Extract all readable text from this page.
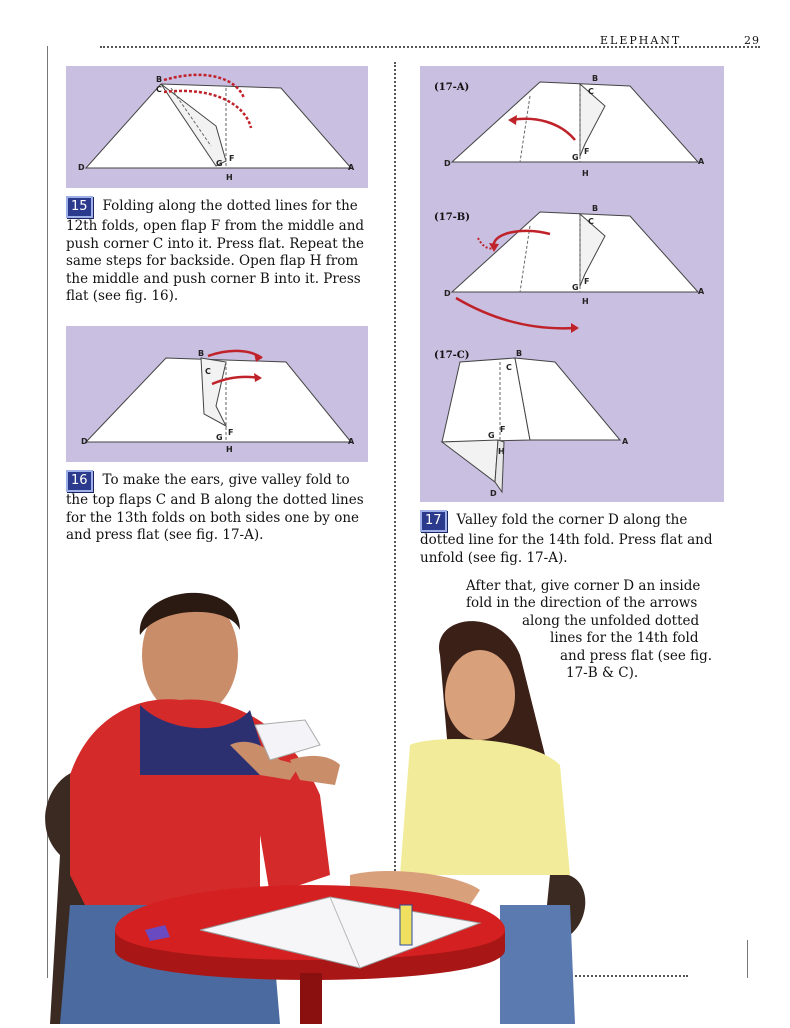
ELEPHANT	29
B
C
D	A
G
F
H
15 Folding along the dotted lines for the 12th folds, open flap F from the middle and push corner C into it. Press flat. Repeat the same steps for backside. Open flap H from the middle and push corner B into it. Press flat (see fig. 16).
B
C
D	A
G
F
H
16 To make the ears, give valley fold to the top flaps C and B along the dotted lines for the 13th folds on both sides one by one and press flat (see fig. 17-A).
(17-A)
B
C
D	A
G
F
H
(17-B)
B
C
D	A
G
F
H
(17-C)	B
C
D
A
G
F
H
17 Valley fold the corner D along the dotted line for the 14th fold. Press flat and unfold (see fig. 17-A).
After that, give corner D an inside
fold in the direction of the arrows
along the unfolded dotted
lines for the 14th fold
and press flat (see fig.
17-B & C).
